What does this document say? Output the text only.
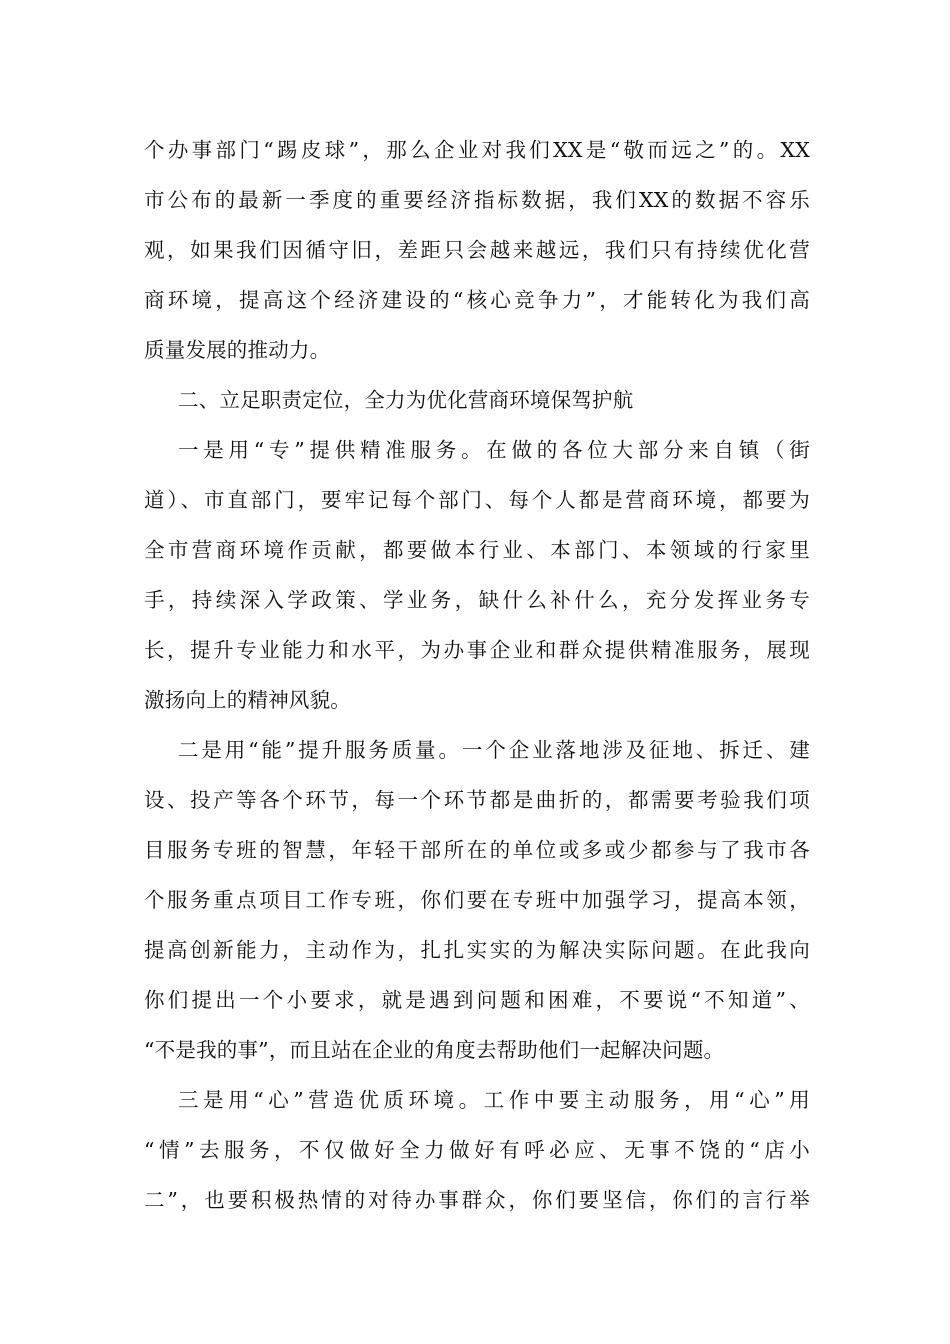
个办事部门“踢皮球”，那么企业对我们XX是“敬而远之”的。XX
市公布的最新一季度的重要经济指标数据，我们XX的数据不容乐
观，如果我们因循守旧，差距只会越来越远，我们只有持续优化营
商环境，提高这个经济建设的“核心竞争力”，才能转化为我们高
质量发展的推动力。
二、立足职责定位，全力为优化营商环境保驾护航
一是用“专”提供精准服务。在做的各位大部分来自镇（街
道）、市直部门，要牢记每个部门、每个人都是营商环境，都要为
全市营商环境作贡献，都要做本行业、本部门、本领域的行家里
手，持续深入学政策、学业务，缺什么补什么，充分发挥业务专
长，提升专业能力和水平，为办事企业和群众提供精准服务，展现
激扬向上的精神风貌。
二是用“能”提升服务质量。一个企业落地涉及征地、拆迁、建
设、投产等各个环节，每一个环节都是曲折的，都需要考验我们项
目服务专班的智慧，年轻干部所在的单位或多或少都参与了我市各
个服务重点项目工作专班，你们要在专班中加强学习，提高本领，
提高创新能力，主动作为，扎扎实实的为解决实际问题。在此我向
你们提出一个小要求，就是遇到问题和困难，不要说“不知道”、
“不是我的事”，而且站在企业的角度去帮助他们一起解决问题。
三是用“心”营造优质环境。工作中要主动服务，用“心”用
“情”去服务，不仅做好全力做好有呼必应、无事不饶的“店小
二”，也要积极热情的对待办事群众，你们要坚信，你们的言行举
